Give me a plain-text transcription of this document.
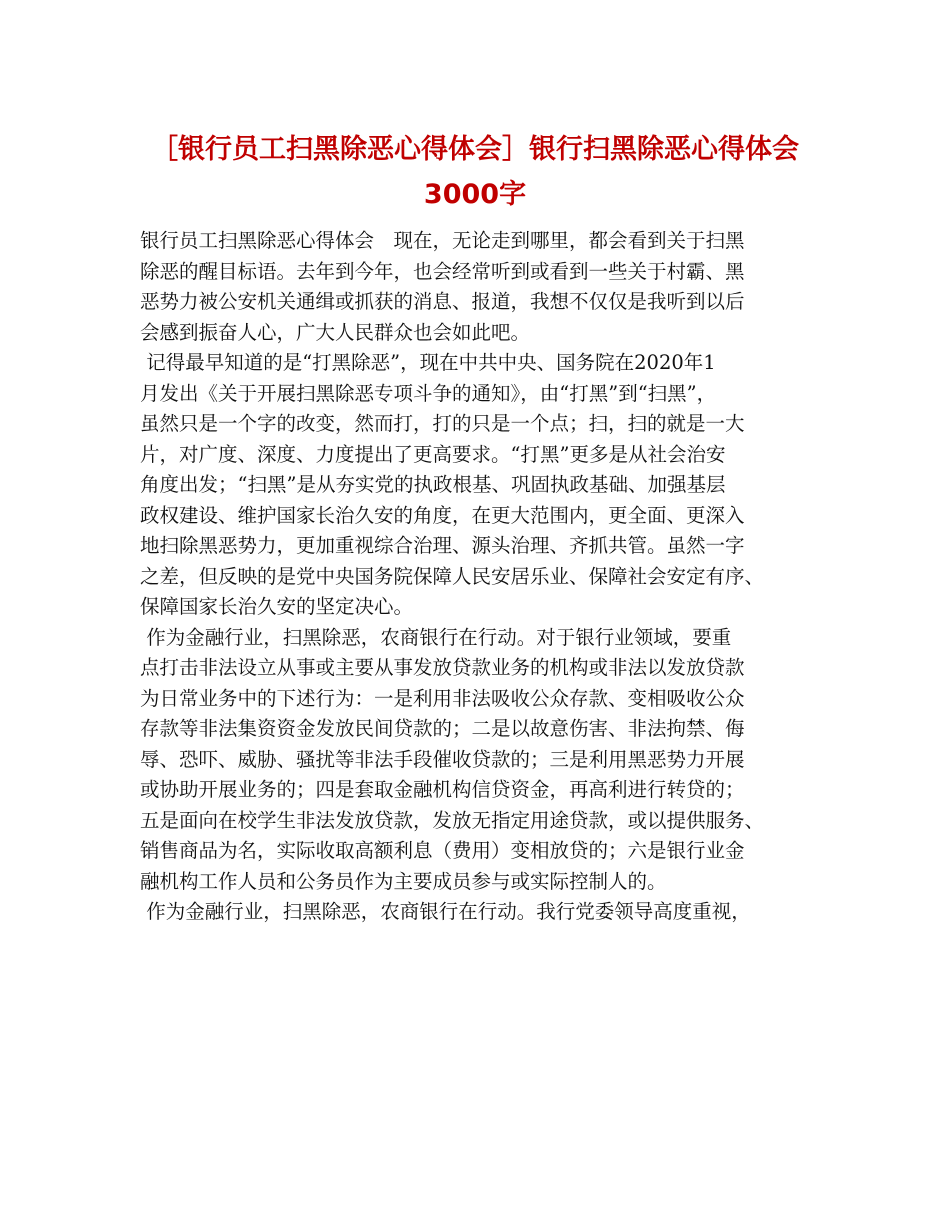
［银行员工扫黑除恶心得体会］银行扫黑除恶心得体会
3000字

银行员工扫黑除恶心得体会　现在，无论走到哪里，都会看到关于扫黑
除恶的醒目标语。去年到今年，也会经常听到或看到一些关于村霸、黑
恶势力被公安机关通缉或抓获的消息、报道，我想不仅仅是我听到以后
会感到振奋人心，广大人民群众也会如此吧。

记得最早知道的是“打黑除恶”，现在中共中央、国务院在2020年1
月发出《关于开展扫黑除恶专项斗争的通知》，由“打黑”到“扫黑”，
虽然只是一个字的改变，然而打，打的只是一个点；扫，扫的就是一大
片，对广度、深度、力度提出了更高要求。“打黑”更多是从社会治安
角度出发；“扫黑”是从夯实党的执政根基、巩固执政基础、加强基层
政权建设、维护国家长治久安的角度，在更大范围内，更全面、更深入
地扫除黑恶势力，更加重视综合治理、源头治理、齐抓共管。虽然一字
之差，但反映的是党中央国务院保障人民安居乐业、保障社会安定有序、
保障国家长治久安的坚定决心。

作为金融行业，扫黑除恶，农商银行在行动。对于银行业领域，要重
点打击非法设立从事或主要从事发放贷款业务的机构或非法以发放贷款
为日常业务中的下述行为：一是利用非法吸收公众存款、变相吸收公众
存款等非法集资资金发放民间贷款的；二是以故意伤害、非法拘禁、侮
辱、恐吓、威胁、骚扰等非法手段催收贷款的；三是利用黑恶势力开展
或协助开展业务的；四是套取金融机构信贷资金，再高利进行转贷的；
五是面向在校学生非法发放贷款，发放无指定用途贷款，或以提供服务、
销售商品为名，实际收取高额利息（费用）变相放贷的；六是银行业金
融机构工作人员和公务员作为主要成员参与或实际控制人的。

作为金融行业，扫黑除恶，农商银行在行动。我行党委领导高度重视，
